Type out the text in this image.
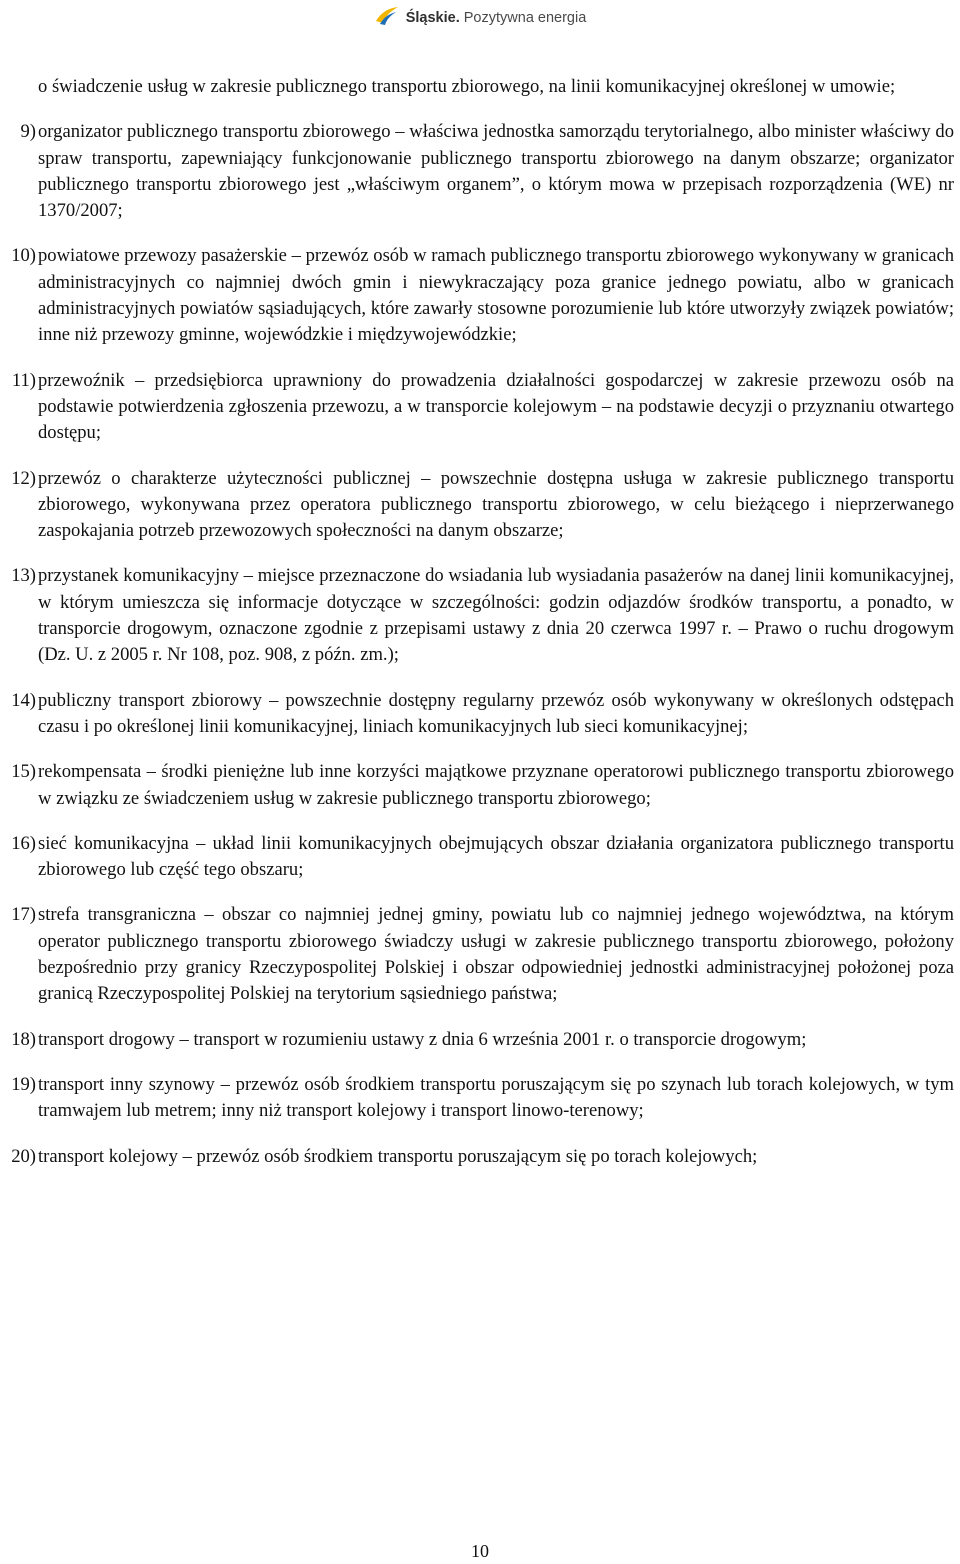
Śląskie. Pozytywna energia

o świadczenie usług w zakresie publicznego transportu zbiorowego, na linii komunikacyjnej określonej w umowie;

9) organizator publicznego transportu zbiorowego – właściwa jednostka samorządu terytorialnego, albo minister właściwy do spraw transportu, zapewniający funkcjonowanie publicznego transportu zbiorowego na danym obszarze; organizator publicznego transportu zbiorowego jest „właściwym organem”, o którym mowa w przepisach rozporządzenia (WE) nr 1370/2007;
10) powiatowe przewozy pasażerskie – przewóz osób w ramach publicznego transportu zbiorowego wykonywany w granicach administracyjnych co najmniej dwóch gmin i niewykraczający poza granice jednego powiatu, albo w granicach administracyjnych powiatów sąsiadujących, które zawarły stosowne porozumienie lub które utworzyły związek powiatów; inne niż przewozy gminne, wojewódzkie i międzywojewódzkie;
11) przewoźnik – przedsiębiorca uprawniony do prowadzenia działalności gospodarczej w zakresie przewozu osób na podstawie potwierdzenia zgłoszenia przewozu, a w transporcie kolejowym – na podstawie decyzji o przyznaniu otwartego dostępu;
12) przewóz o charakterze użyteczności publicznej – powszechnie dostępna usługa w zakresie publicznego transportu zbiorowego, wykonywana przez operatora publicznego transportu zbiorowego, w celu bieżącego i nieprzerwanego zaspokajania potrzeb przewozowych społeczności na danym obszarze;
13) przystanek komunikacyjny – miejsce przeznaczone do wsiadania lub wysiadania pasażerów na danej linii komunikacyjnej, w którym umieszcza się informacje dotyczące w szczególności: godzin odjazdów środków transportu, a ponadto, w transporcie drogowym, oznaczone zgodnie z przepisami ustawy z dnia 20 czerwca 1997 r. – Prawo o ruchu drogowym (Dz. U. z 2005 r. Nr 108, poz. 908, z późn. zm.);
14) publiczny transport zbiorowy – powszechnie dostępny regularny przewóz osób wykonywany w określonych odstępach czasu i po określonej linii komunikacyjnej, liniach komunikacyjnych lub sieci komunikacyjnej;
15) rekompensata – środki pieniężne lub inne korzyści majątkowe przyznane operatorowi publicznego transportu zbiorowego w związku ze świadczeniem usług w zakresie publicznego transportu zbiorowego;
16) sieć komunikacyjna – układ linii komunikacyjnych obejmujących obszar działania organizatora publicznego transportu zbiorowego lub część tego obszaru;
17) strefa transgraniczna – obszar co najmniej jednej gminy, powiatu lub co najmniej jednego województwa, na którym operator publicznego transportu zbiorowego świadczy usługi w zakresie publicznego transportu zbiorowego, położony bezpośrednio przy granicy Rzeczypospolitej Polskiej i obszar odpowiedniej jednostki administracyjnej położonej poza granicą Rzeczypospolitej Polskiej na terytorium sąsiedniego państwa;
18) transport drogowy – transport w rozumieniu ustawy z dnia 6 września 2001 r. o transporcie drogowym;
19) transport inny szynowy – przewóz osób środkiem transportu poruszającym się po szynach lub torach kolejowych, w tym tramwajem lub metrem; inny niż transport kolejowy i transport linowo-terenowy;
20) transport kolejowy – przewóz osób środkiem transportu poruszającym się po torach kolejowych;
10
